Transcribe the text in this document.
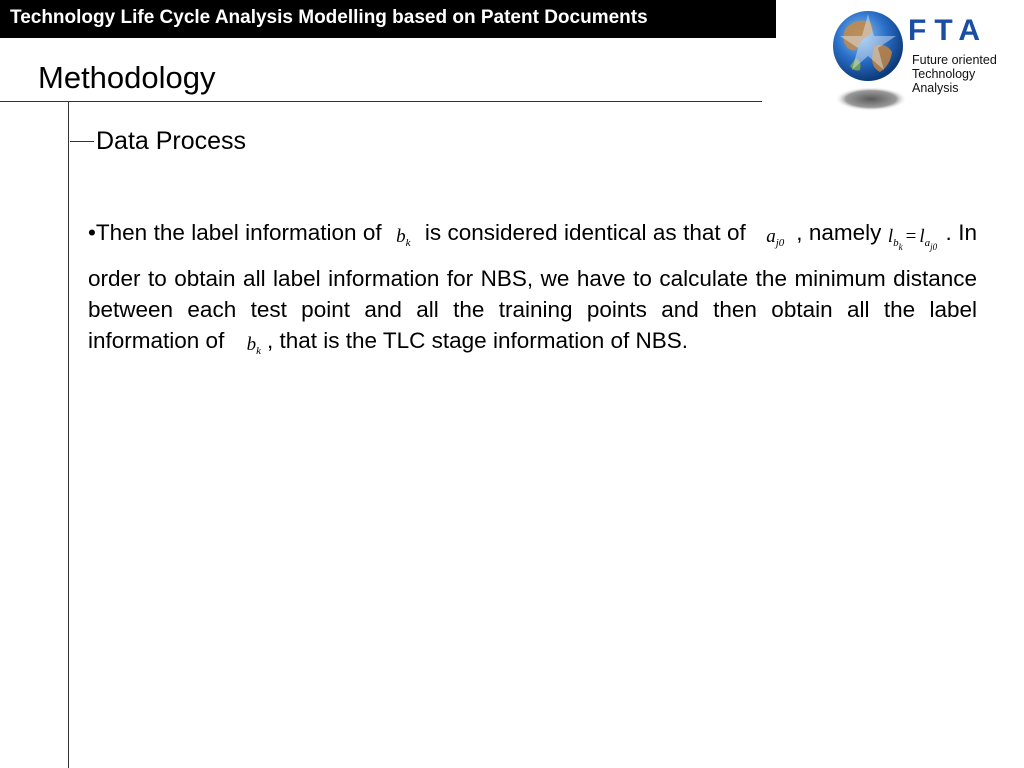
Technology Life Cycle Analysis Modelling based on Patent Documents	FTA
Future oriented
Technology
Analysis
Methodology
Data Process
•Then the label information of $b_k$ is considered identical as that of $a_{j0}$ , namely $l_{b_k} = l_{a_{j0}}$ . In order to obtain all label information for NBS, we have to calculate the minimum distance between each test point and all the training points and then obtain all the label information of $b_k$ , that is the TLC stage information of NBS.
